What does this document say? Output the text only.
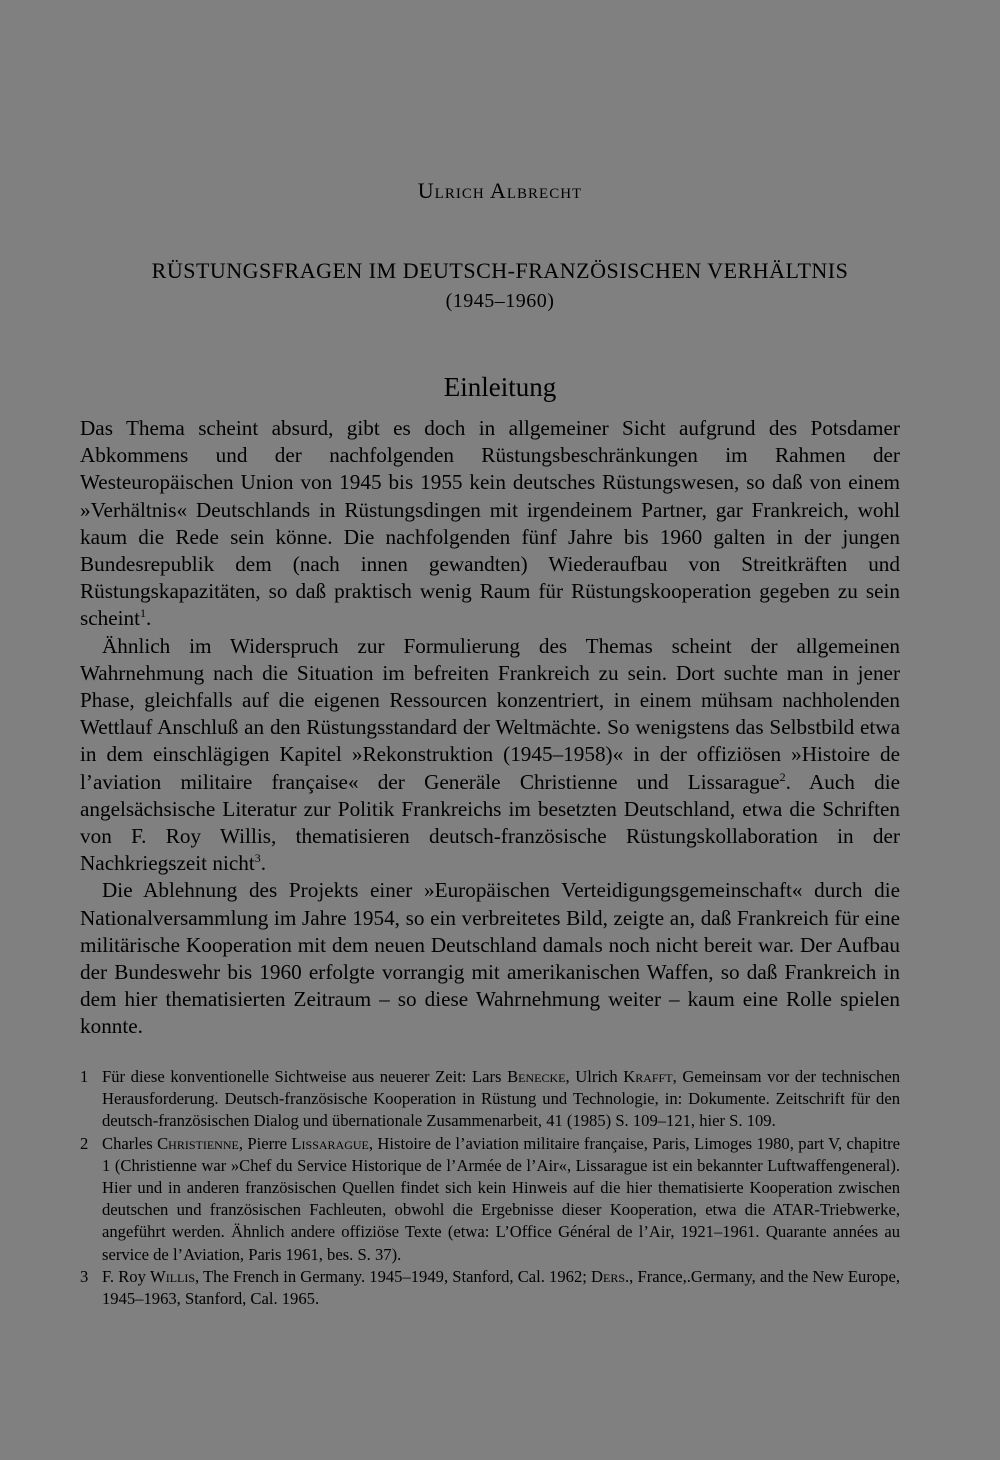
Ulrich Albrecht
RÜSTUNGSFRAGEN IM DEUTSCH-FRANZÖSISCHEN VERHÄLTNIS
(1945–1960)
Einleitung

Das Thema scheint absurd, gibt es doch in allgemeiner Sicht aufgrund des Potsdamer Abkommens und der nachfolgenden Rüstungsbeschränkungen im Rahmen der Westeuropäischen Union von 1945 bis 1955 kein deutsches Rüstungswesen, so daß von einem »Verhältnis« Deutschlands in Rüstungsdingen mit irgendeinem Partner, gar Frankreich, wohl kaum die Rede sein könne. Die nachfolgenden fünf Jahre bis 1960 galten in der jungen Bundesrepublik dem (nach innen gewandten) Wiederaufbau von Streitkräften und Rüstungskapazitäten, so daß praktisch wenig Raum für Rüstungskooperation gegeben zu sein scheint$^1$.

Ähnlich im Widerspruch zur Formulierung des Themas scheint der allgemeinen Wahrnehmung nach die Situation im befreiten Frankreich zu sein. Dort suchte man in jener Phase, gleichfalls auf die eigenen Ressourcen konzentriert, in einem mühsam nachholenden Wettlauf Anschluß an den Rüstungsstandard der Weltmächte. So wenigstens das Selbstbild etwa in dem einschlägigen Kapitel »Rekonstruktion (1945–1958)« in der offiziösen »Histoire de l’aviation militaire française« der Generäle Christienne und Lissarague$^2$. Auch die angelsächsische Literatur zur Politik Frankreichs im besetzten Deutschland, etwa die Schriften von F. Roy Willis, thematisieren deutsch-französische Rüstungskollaboration in der Nachkriegszeit nicht$^3$.

Die Ablehnung des Projekts einer »Europäischen Verteidigungsgemeinschaft« durch die Nationalversammlung im Jahre 1954, so ein verbreitetes Bild, zeigte an, daß Frankreich für eine militärische Kooperation mit dem neuen Deutschland damals noch nicht bereit war. Der Aufbau der Bundeswehr bis 1960 erfolgte vorrangig mit amerikanischen Waffen, so daß Frankreich in dem hier thematisierten Zeitraum – so diese Wahrnehmung weiter – kaum eine Rolle spielen konnte.

1 Für diese konventionelle Sichtweise aus neuerer Zeit: Lars Benecke, Ulrich Krafft, Gemeinsam vor der technischen Herausforderung. Deutsch-französische Kooperation in Rüstung und Technologie, in: Dokumente. Zeitschrift für den deutsch-französischen Dialog und übernationale Zusammenarbeit, 41 (1985) S. 109–121, hier S. 109.
2 Charles Christienne, Pierre Lissarague, Histoire de l’aviation militaire française, Paris, Limoges 1980, part V, chapitre 1 (Christienne war »Chef du Service Historique de l’Armée de l’Air«, Lissarague ist ein bekannter Luftwaffengeneral). Hier und in anderen französischen Quellen findet sich kein Hinweis auf die hier thematisierte Kooperation zwischen deutschen und französischen Fachleuten, obwohl die Ergebnisse dieser Kooperation, etwa die ATAR-Triebwerke, angeführt werden. Ähnlich andere offiziöse Texte (etwa: L’Office Général de l’Air, 1921–1961. Quarante années au service de l’Aviation, Paris 1961, bes. S. 37).
3 F. Roy Willis, The French in Germany. 1945–1949, Stanford, Cal. 1962; Ders., France,.Germany, and the New Europe, 1945–1963, Stanford, Cal. 1965.
